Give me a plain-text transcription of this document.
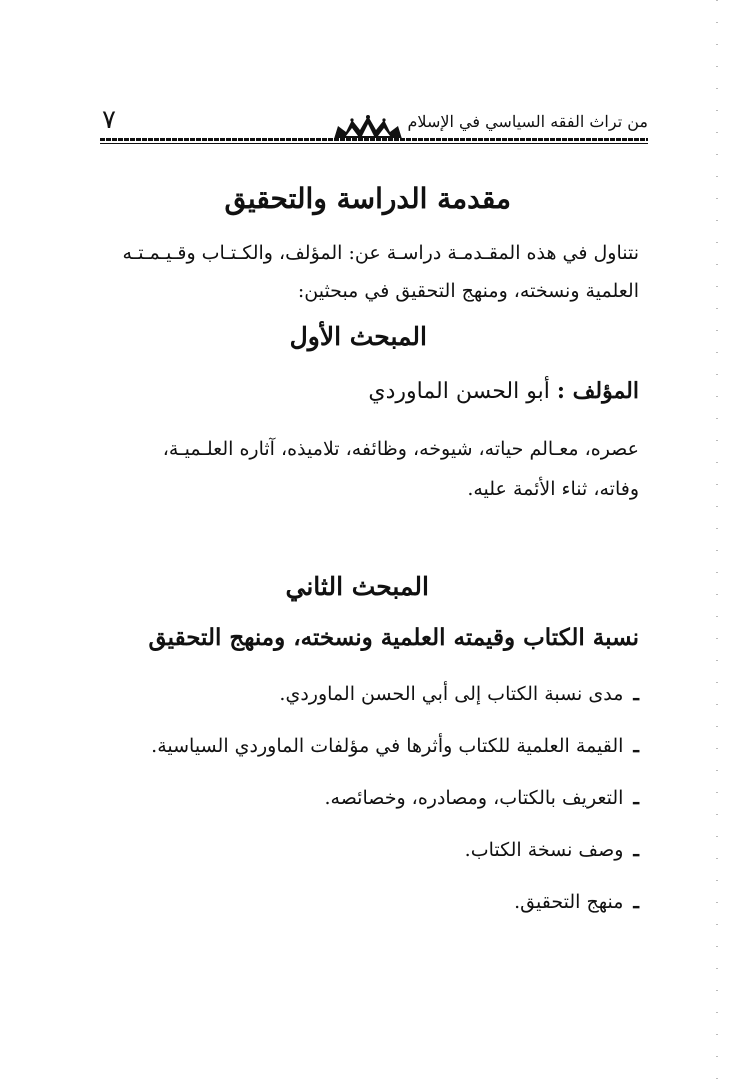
من تراث الفقه السياسي في الإسلام
٧
مقدمة الدراسة والتحقيق
نتناول في هذه المقـدمـة دراسـة عن: المؤلف، والكـتـاب وقـيـمـتـه
العلمية ونسخته، ومنهج التحقيق في مبحثين:
المبحث الأول
المؤلف : أبو الحسن الماوردي
عصره، معـالم حياته، شيوخه، وظائفه، تلاميذه، آثاره العلـميـة،
وفاته، ثناء الأئمة عليه.
المبحث الثاني
نسبة الكتاب وقيمته العلمية ونسخته، ومنهج التحقيق
ـمدى نسبة الكتاب إلى أبي الحسن الماوردي.
ـالقيمة العلمية للكتاب وأثرها في مؤلفات الماوردي السياسية.
ـالتعريف بالكتاب، ومصادره، وخصائصه.
ـوصف نسخة الكتاب.
ـمنهج التحقيق.
